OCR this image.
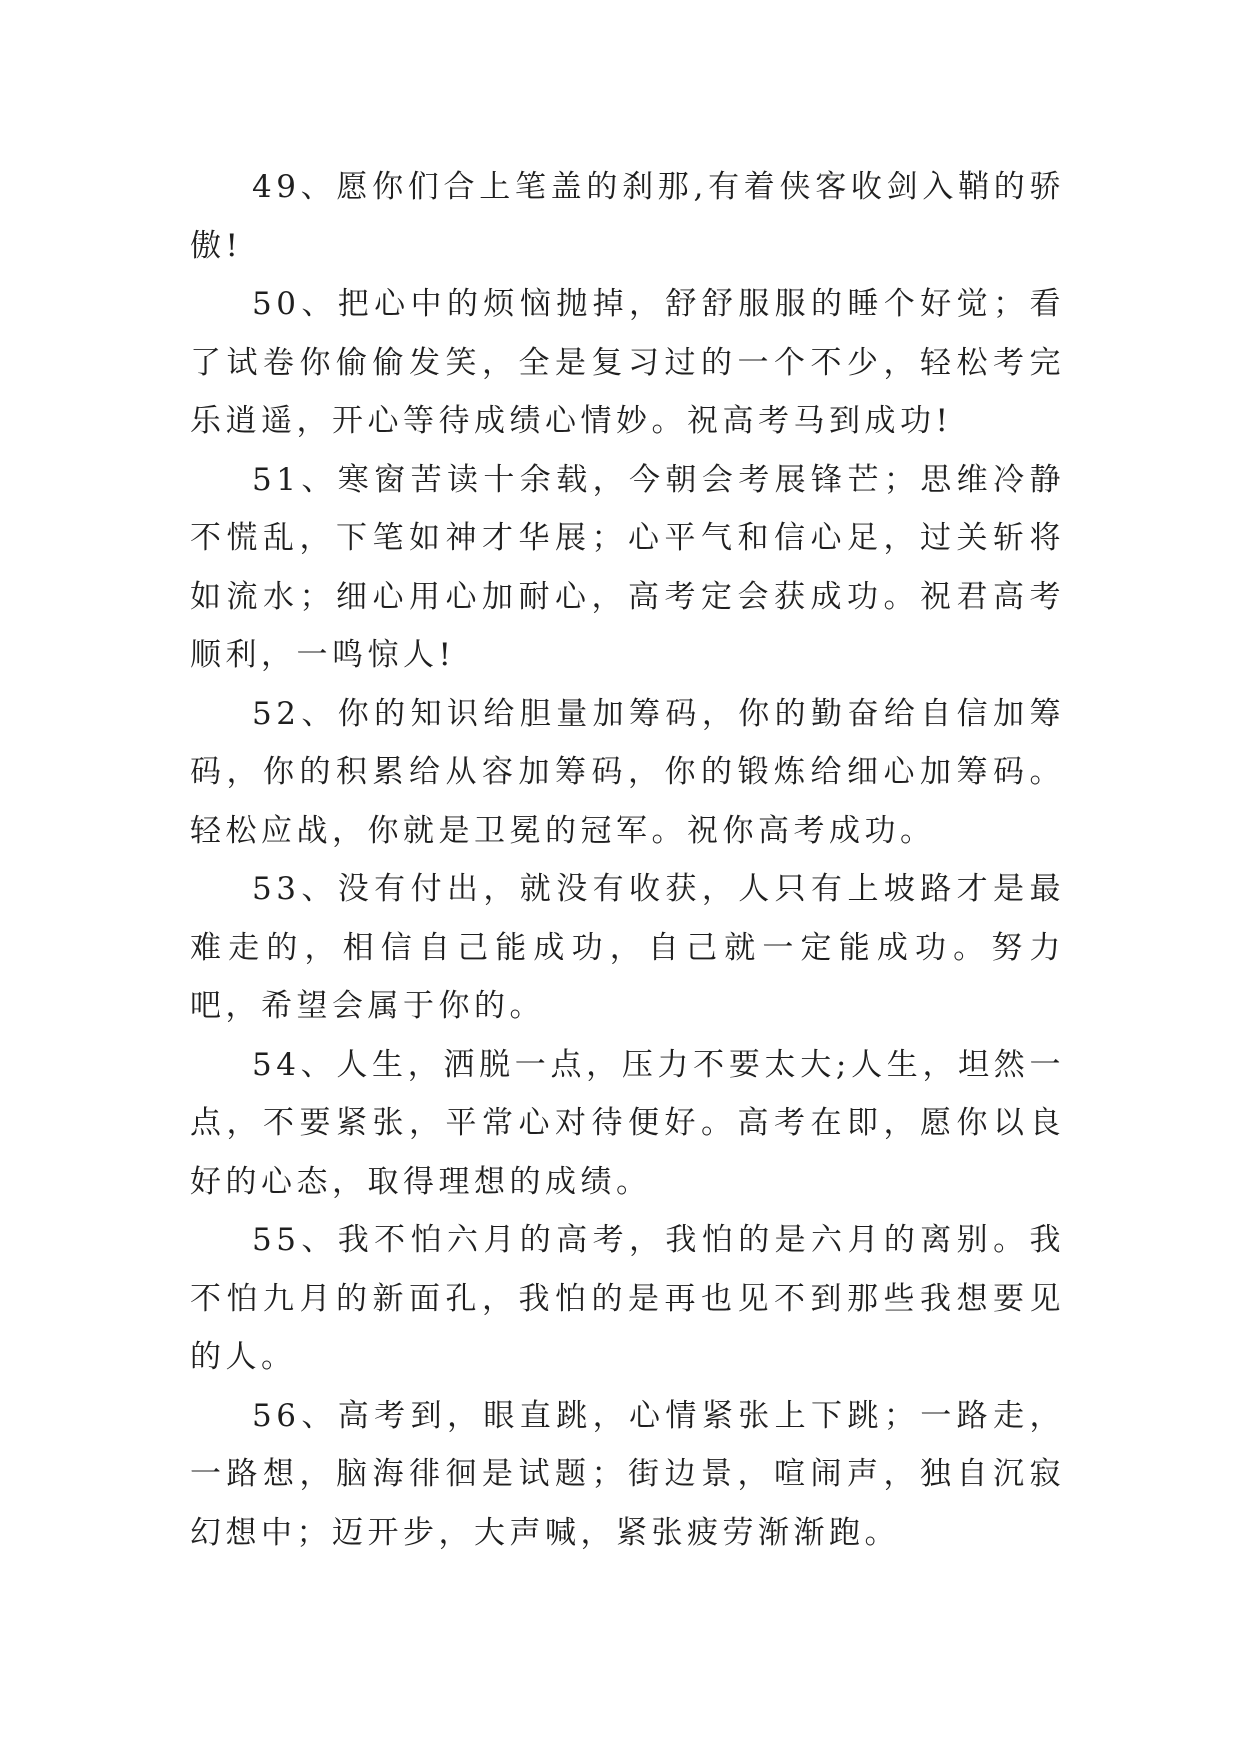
49、愿你们合上笔盖的刹那,有着侠客收剑入鞘的骄傲!

50、把心中的烦恼抛掉，舒舒服服的睡个好觉；看了试卷你偷偷发笑，全是复习过的一个不少，轻松考完乐逍遥，开心等待成绩心情妙。祝高考马到成功!

51、寒窗苦读十余载，今朝会考展锋芒；思维冷静不慌乱，下笔如神才华展；心平气和信心足，过关斩将如流水；细心用心加耐心，高考定会获成功。祝君高考顺利，一鸣惊人!

52、你的知识给胆量加筹码，你的勤奋给自信加筹码，你的积累给从容加筹码，你的锻炼给细心加筹码。轻松应战，你就是卫冕的冠军。祝你高考成功。

53、没有付出，就没有收获，人只有上坡路才是最难走的，相信自己能成功，自己就一定能成功。努力吧，希望会属于你的。

54、人生，洒脱一点，压力不要太大;人生，坦然一点，不要紧张，平常心对待便好。高考在即，愿你以良好的心态，取得理想的成绩。

55、我不怕六月的高考，我怕的是六月的离别。我不怕九月的新面孔，我怕的是再也见不到那些我想要见的人。

56、高考到，眼直跳，心情紧张上下跳；一路走，一路想，脑海徘徊是试题；街边景，喧闹声，独自沉寂幻想中；迈开步，大声喊，紧张疲劳渐渐跑。
